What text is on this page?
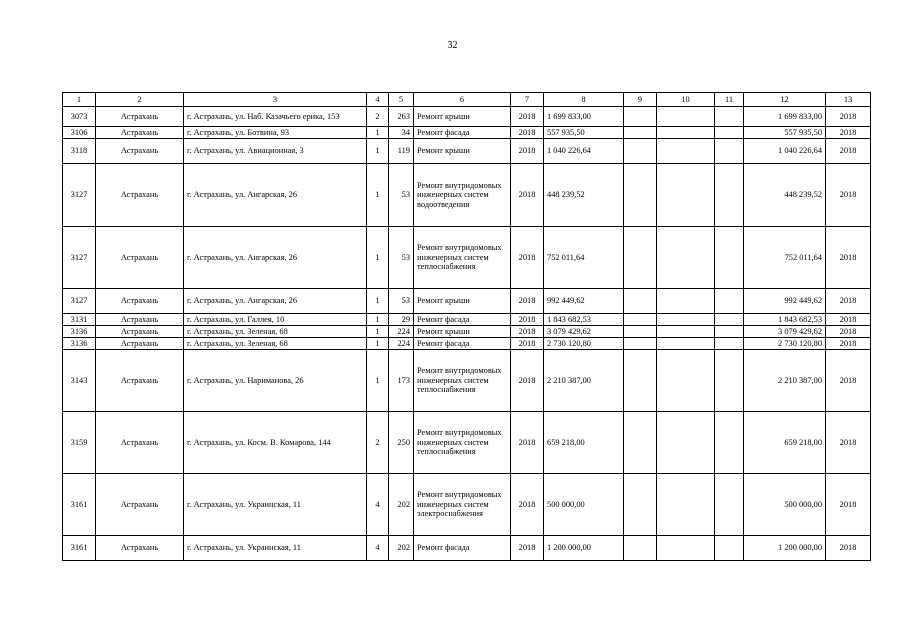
32
1	2	3	4	5	6	7	8	9	10	11	12	13
3073	Астрахань	г. Астрахань, ул. Наб. Казачьего ерика, 153	2	263	Ремонт крыши	2018	1 699 833,00				1 699 833,00	2018
3106	Астрахань	г. Астрахань, ул. Ботвина, 93	1	34	Ремонт фасада	2018	557 935,50				557 935,50	2018
3118	Астрахань	г. Астрахань, ул. Авиационная, 3	1	119	Ремонт крыши	2018	1 040 226,64				1 040 226,64	2018
3127	Астрахань	г. Астрахань, ул. Ангарская, 26	1	53	Ремонт внутридомовых инженерных систем водоотведения	2018	448 239,52				448 239,52	2018
3127	Астрахань	г. Астрахань, ул. Ангарская, 26	1	53	Ремонт внутридомовых инженерных систем теплоснабжения	2018	752 011,64				752 011,64	2018
3127	Астрахань	г. Астрахань, ул. Ангарская, 26	1	53	Ремонт крыши	2018	992 449,62				992 449,62	2018
3131	Астрахань	г. Астрахань, ул. Галлея, 10	1	29	Ремонт фасада	2018	1 843 682,53				1 843 682,53	2018
3136	Астрахань	г. Астрахань, ул. Зеленая, 68	1	224	Ремонт крыши	2018	3 079 429,62				3 079 429,62	2018
3136	Астрахань	г. Астрахань, ул. Зеленая, 68	1	224	Ремонт фасада	2018	2 730 120,80				2 730 120,80	2018
3143	Астрахань	г. Астрахань, ул. Нариманова, 26	1	173	Ремонт внутридомовых инженерных систем теплоснабжения	2018	2 210 387,00				2 210 387,00	2018
3159	Астрахань	г. Астрахань, ул. Косм. В. Комарова, 144	2	250	Ремонт внутридомовых инженерных систем теплоснабжения	2018	659 218,00				659 218,00	2018
3161	Астрахань	г. Астрахань, ул. Украинская, 11	4	202	Ремонт внутридомовых инженерных систем электроснабжения	2018	500 000,00				500 000,00	2018
3161	Астрахань	г. Астрахань, ул. Украинская, 11	4	202	Ремонт фасада	2018	1 200 000,00				1 200 000,00	2018
